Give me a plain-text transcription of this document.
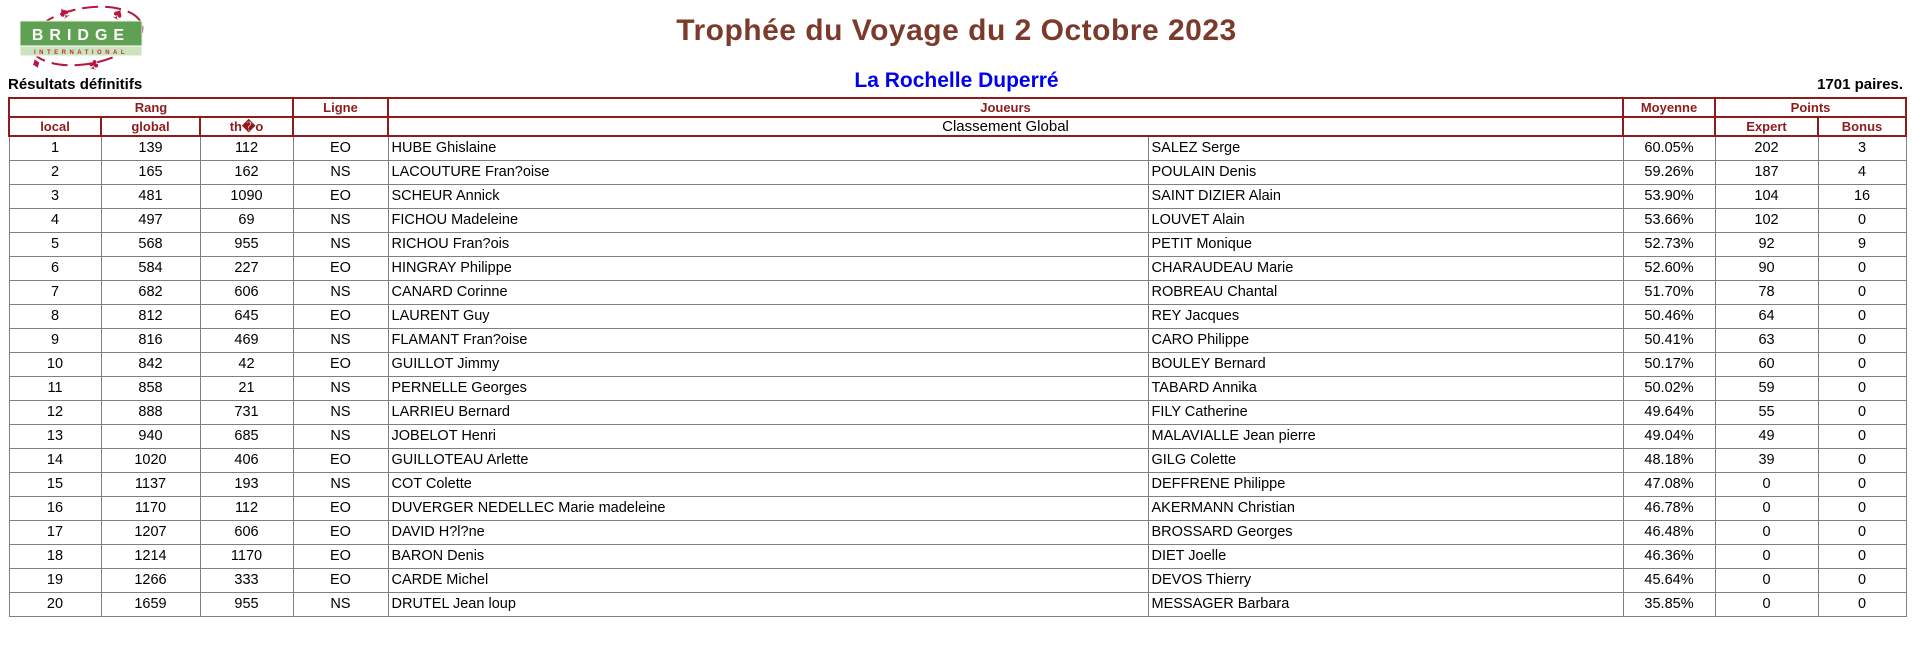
BRIDGE
INTERNATIONAL
♠ ♠
♦	♣
Trophée du Voyage du 2 Octobre 2023
Résultats définitifs	La Rochelle Duperré	1701 paires.
Rang			Ligne	Joueurs		Moyenne	Points	
local	global	th�o		Classement Global			Expert	Bonus
1	139	112	EO	HUBE Ghislaine	SALEZ Serge	60.05%	202	3
2	165	162	NS	LACOUTURE Fran?oise	POULAIN Denis	59.26%	187	4
3	481	1090	EO	SCHEUR Annick	SAINT DIZIER Alain	53.90%	104	16
4	497	69	NS	FICHOU Madeleine	LOUVET Alain	53.66%	102	0
5	568	955	NS	RICHOU Fran?ois	PETIT Monique	52.73%	92	9
6	584	227	EO	HINGRAY Philippe	CHARAUDEAU Marie	52.60%	90	0
7	682	606	NS	CANARD Corinne	ROBREAU Chantal	51.70%	78	0
8	812	645	EO	LAURENT Guy	REY Jacques	50.46%	64	0
9	816	469	NS	FLAMANT Fran?oise	CARO Philippe	50.41%	63	0
10	842	42	EO	GUILLOT Jimmy	BOULEY Bernard	50.17%	60	0
11	858	21	NS	PERNELLE Georges	TABARD Annika	50.02%	59	0
12	888	731	NS	LARRIEU Bernard	FILY Catherine	49.64%	55	0
13	940	685	NS	JOBELOT Henri	MALAVIALLE Jean pierre	49.04%	49	0
14	1020	406	EO	GUILLOTEAU Arlette	GILG Colette	48.18%	39	0
15	1137	193	NS	COT Colette	DEFFRENE Philippe	47.08%	0	0
16	1170	112	EO	DUVERGER NEDELLEC Marie madeleine	AKERMANN Christian	46.78%	0	0
17	1207	606	EO	DAVID H?l?ne	BROSSARD Georges	46.48%	0	0
18	1214	1170	EO	BARON Denis	DIET Joelle	46.36%	0	0
19	1266	333	EO	CARDE Michel	DEVOS Thierry	45.64%	0	0
20	1659	955	NS	DRUTEL Jean loup	MESSAGER Barbara	35.85%	0	0
